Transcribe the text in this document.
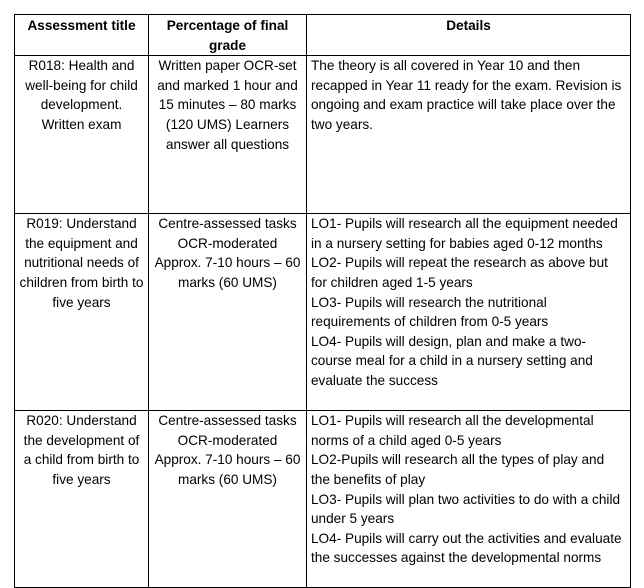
Assessment title	Percentage of final grade	Details
R018: Health and well-being for child development. Written exam	Written paper OCR-set and marked 1 hour and 15 minutes – 80 marks (120 UMS) Learners answer all questions	The theory is all covered in Year 10 and then recapped in Year 11 ready for the exam. Revision is ongoing and exam practice will take place over the two years.

R019: Understand the equipment and nutritional needs of children from birth to five years	Centre-assessed tasks OCR-moderated Approx. 7-10 hours – 60 marks (60 UMS)	LO1- Pupils will research all the equipment needed in a nursery setting for babies aged 0-12 months
LO2- Pupils will repeat the research as above but for children aged 1-5 years
LO3- Pupils will research the nutritional requirements of children from 0-5 years
LO4- Pupils will design, plan and make a two-course meal for a child in a nursery setting and evaluate the success

R020: Understand the development of a child from birth to five years	Centre-assessed tasks OCR-moderated Approx. 7-10 hours – 60 marks (60 UMS)	LO1- Pupils will research all the developmental norms of a child aged 0-5 years
LO2-Pupils will research all the types of play and the benefits of play
LO3- Pupils will plan two activities to do with a child under 5 years
LO4- Pupils will carry out the activities and evaluate the successes against the developmental norms
